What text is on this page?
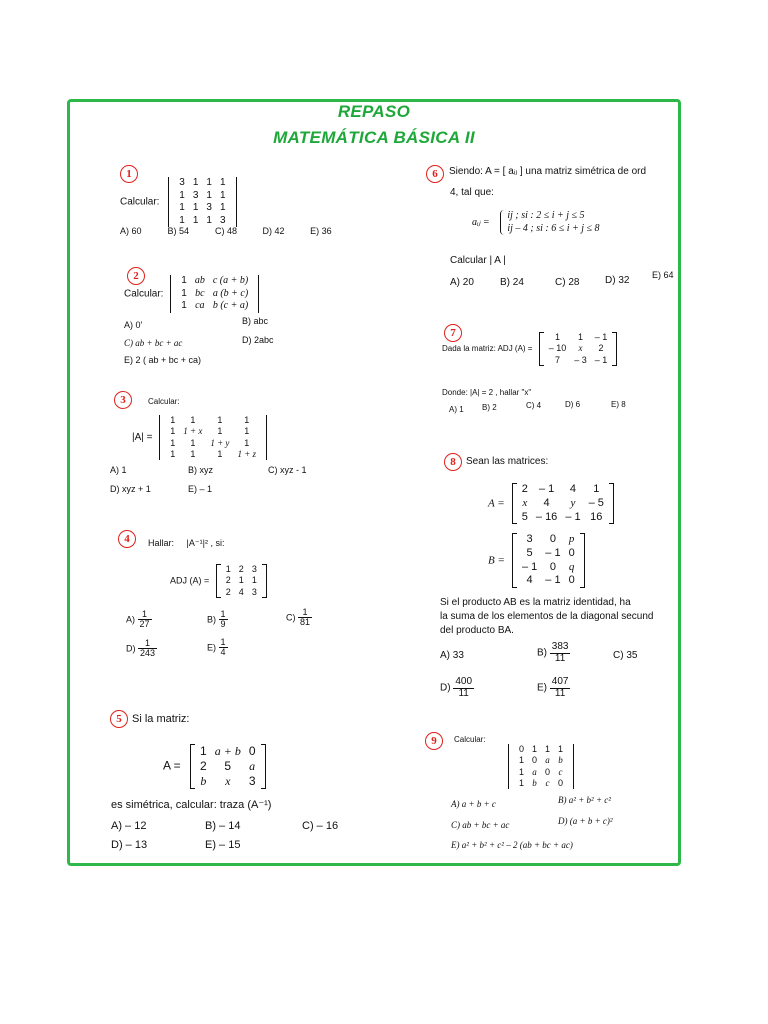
REPASO
MATEMÁTICA BÁSICA II
1
Calcular:
3	1	1	1
1	3	1	1
1	1	3	1
1	1	1	3
A) 60	B) 54	C) 48	D) 42	E) 36
2
Calcular:
1	ab	c (a + b)
1	bc	a (b + c)
1	ca	b (c + a)
A) 0'	B) abc
C) ab + bc + ac	D) 2abc
E) 2 ( ab + bc + ca)
3	Calcular:
|A| =
1	1	1	1
1	1 + x	1	1
1	1	1 + y	1
1	1	1	1 + z
A) 1	B) xyz	C) xyz - 1
D) xyz + 1	E) – 1
4	Hallar: |A⁻¹|² , si:
ADJ (A) =
1	2	3
2	1	1
2	4	3
$A) \frac{1}{27}$	$B) \frac{1}{9}$	$C) \frac{1}{81}$
$D) \frac{1}{243}$	$E) \frac{1}{4}$
5 Si la matriz:
A =
1	a + b	0
2	5	a
b	x	3
es simétrica, calcular: traza (A⁻¹)
A) – 12	B) – 14	C) – 16
D) – 13	E) – 15
6	Siendo: A = [ aᵢⱼ ] una matriz simétrica de ord
4, tal que:
aᵢⱼ =
ij ; si : 2 ≤ i + j ≤ 5
ij – 4 ; si : 6 ≤ i + j ≤ 8
Calcular | A |
A) 20	B) 24	C) 28	D) 32	E) 64
7
Dada la matriz: ADJ (A) =
1	1	– 1
– 10	x	2
7	– 3	– 1
Donde: |A| = 2 , hallar "x"
A) 1 B) 2	C) 4	D) 6	E) 8
8	Sean las matrices:
A =
2	– 1	4	1
x	4	y	– 5
5	– 16	– 1	16
B =
3	0	p
5	– 1	0
– 1	0	q
4	– 1	0
Si el producto AB es la matriz identidad, ha
la suma de los elementos de la diagonal secund
del producto BA.
A) 33	$B) \frac{383}{11}$	C) 35
$D) \frac{400}{11}$	$E) \frac{407}{11}$
9	Calcular:
0	1	1	1
1	0	a	b
1	a	0	c
1	b	c	0
A) a + b + c	B) a² + b² + c²
C) ab + bc + ac	D) (a + b + c)²
E) a² + b² + c² – 2 (ab + bc + ac)
